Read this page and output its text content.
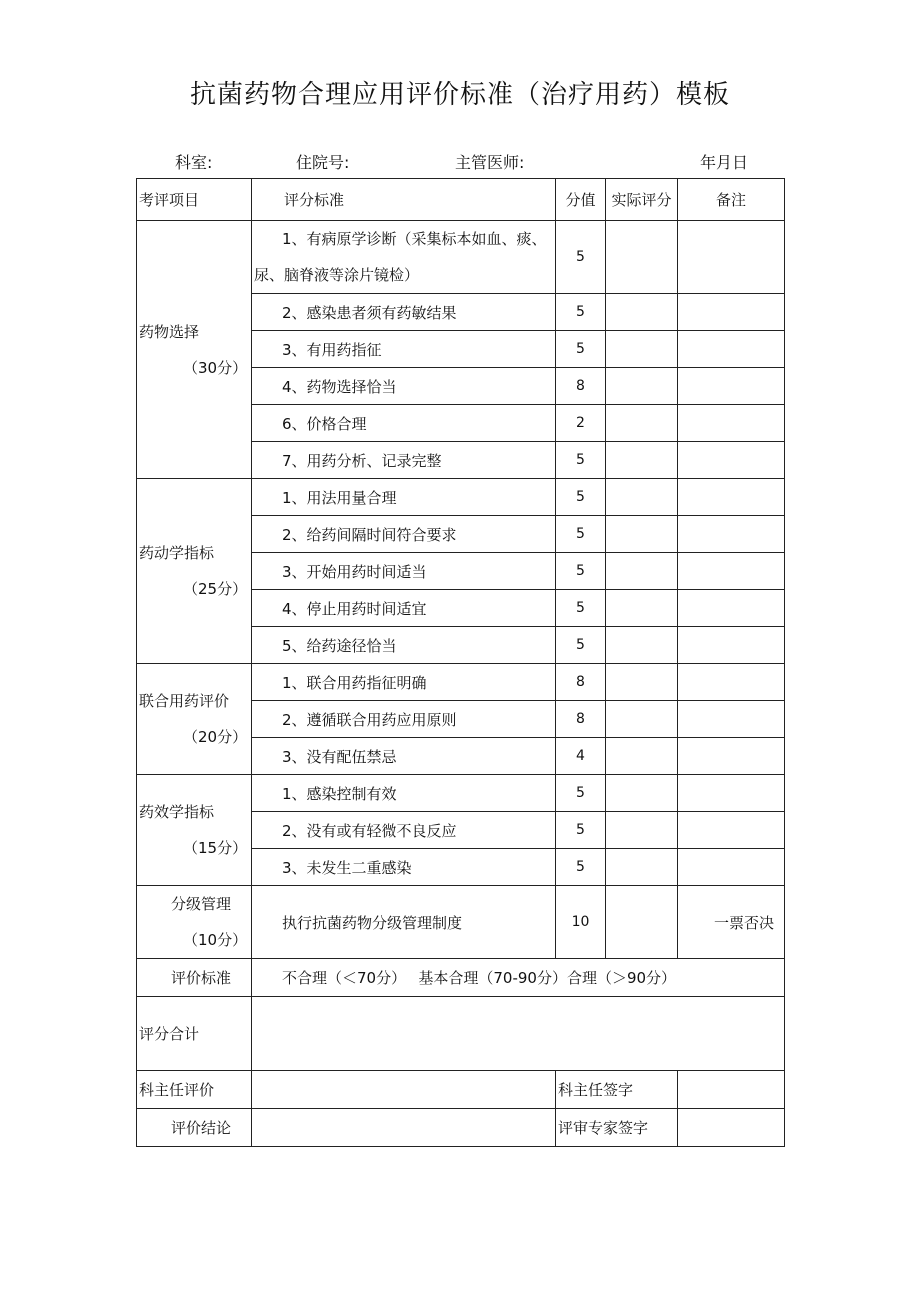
抗菌药物合理应用评价标准（治疗用药）模板
科室:	住院号:	主管医师:	年月日
考评项目	评分标准	分值	实际评分	备注

药物选择
（30分）	1、有病原学诊断（采集标本如血、痰、
尿、脑脊液等涂片镜检）	5		
	2、感染患者须有药敏结果	5		
	3、有用药指征	5		
	4、药物选择恰当	8		
	6、价格合理	2		
	7、用药分析、记录完整	5		

药动学指标
（25分）	1、用法用量合理	5		
	2、给药间隔时间符合要求	5		
	3、开始用药时间适当	5		
	4、停止用药时间适宜	5		
	5、给药途径恰当	5		

联合用药评价
（20分）	1、联合用药指征明确	8		
	2、遵循联合用药应用原则	8		
	3、没有配伍禁忌	4		

药效学指标
（15分）	1、感染控制有效	5		
	2、没有或有轻微不良反应	5		
	3、未发生二重感染	5		

分级管理
（10分）	执行抗菌药物分级管理制度	10		一票否决
评价标准	不合理（＜70分）　 基本合理（70-90分）合理（＞90分）			
评分合计				
科主任评价		科主任签字		
评价结论		评审专家签字		
